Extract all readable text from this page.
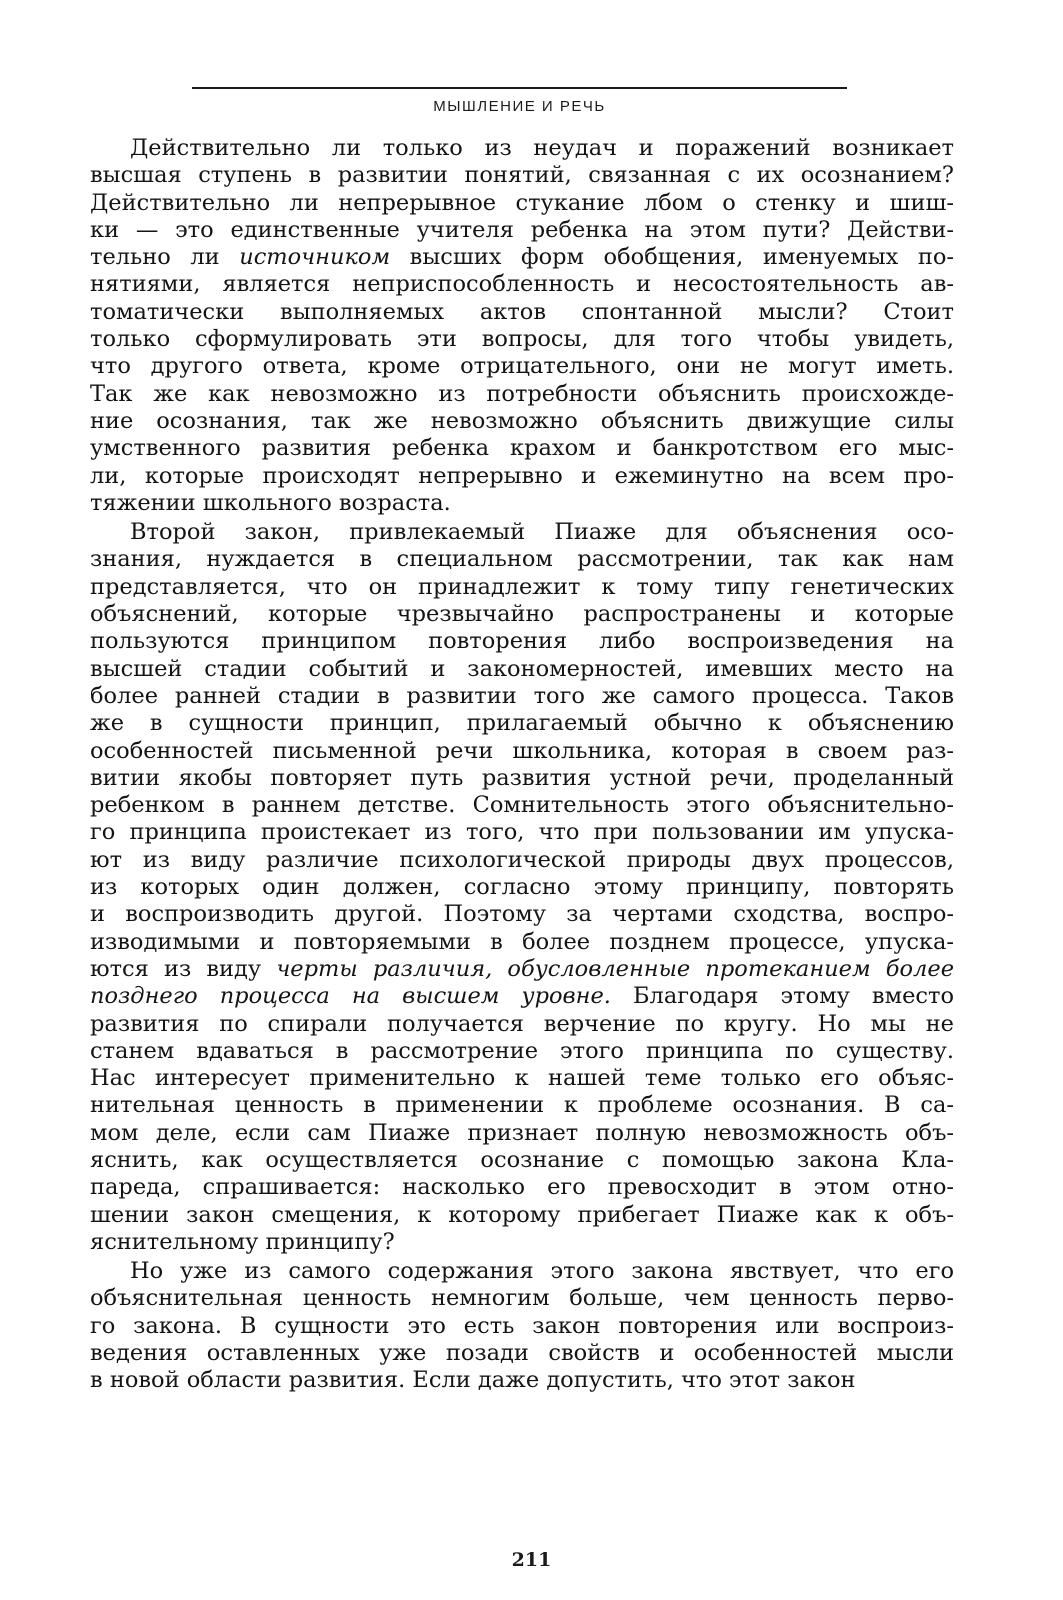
МЫШЛЕНИЕ И РЕЧЬ
Действительно ли только из неудач и поражений возникает
высшая ступень в развитии понятий, связанная с их осознанием?
Действительно ли непрерывное стукание лбом о стенку и шиш-
ки — это единственные учителя ребенка на этом пути? Действи-
тельно ли источником высших форм обобщения, именуемых по-
нятиями, является неприспособленность и несостоятельность ав-
томатически выполняемых актов спонтанной мысли? Стоит
только сформулировать эти вопросы, для того чтобы увидеть,
что другого ответа, кроме отрицательного, они не могут иметь.
Так же как невозможно из потребности объяснить происхожде-
ние осознания, так же невозможно объяснить движущие силы
умственного развития ребенка крахом и банкротством его мыс-
ли, которые происходят непрерывно и ежеминутно на всем про-
тяжении школьного возраста.
Второй закон, привлекаемый Пиаже для объяснения осо-
знания, нуждается в специальном рассмотрении, так как нам
представляется, что он принадлежит к тому типу генетических
объяснений, которые чрезвычайно распространены и которые
пользуются принципом повторения либо воспроизведения на
высшей стадии событий и закономерностей, имевших место на
более ранней стадии в развитии того же самого процесса. Таков
же в сущности принцип, прилагаемый обычно к объяснению
особенностей письменной речи школьника, которая в своем раз-
витии якобы повторяет путь развития устной речи, проделанный
ребенком в раннем детстве. Сомнительность этого объяснительно-
го принципа проистекает из того, что при пользовании им упуска-
ют из виду различие психологической природы двух процессов,
из которых один должен, согласно этому принципу, повторять
и воспроизводить другой. Поэтому за чертами сходства, воспро-
изводимыми и повторяемыми в более позднем процессе, упуска-
ются из виду черты различия, обусловленные протеканием более
позднего процесса на высшем уровне. Благодаря этому вместо
развития по спирали получается верчение по кругу. Но мы не
станем вдаваться в рассмотрение этого принципа по существу.
Нас интересует применительно к нашей теме только его объяс-
нительная ценность в применении к проблеме осознания. В са-
мом деле, если сам Пиаже признает полную невозможность объ-
яснить, как осуществляется осознание с помощью закона Кла-
пареда, спрашивается: насколько его превосходит в этом отно-
шении закон смещения, к которому прибегает Пиаже как к объ-
яснительному принципу?
Но уже из самого содержания этого закона явствует, что его
объяснительная ценность немногим больше, чем ценность перво-
го закона. В сущности это есть закон повторения или воспроиз-
ведения оставленных уже позади свойств и особенностей мысли
в новой области развития. Если даже допустить, что этот закон
211
